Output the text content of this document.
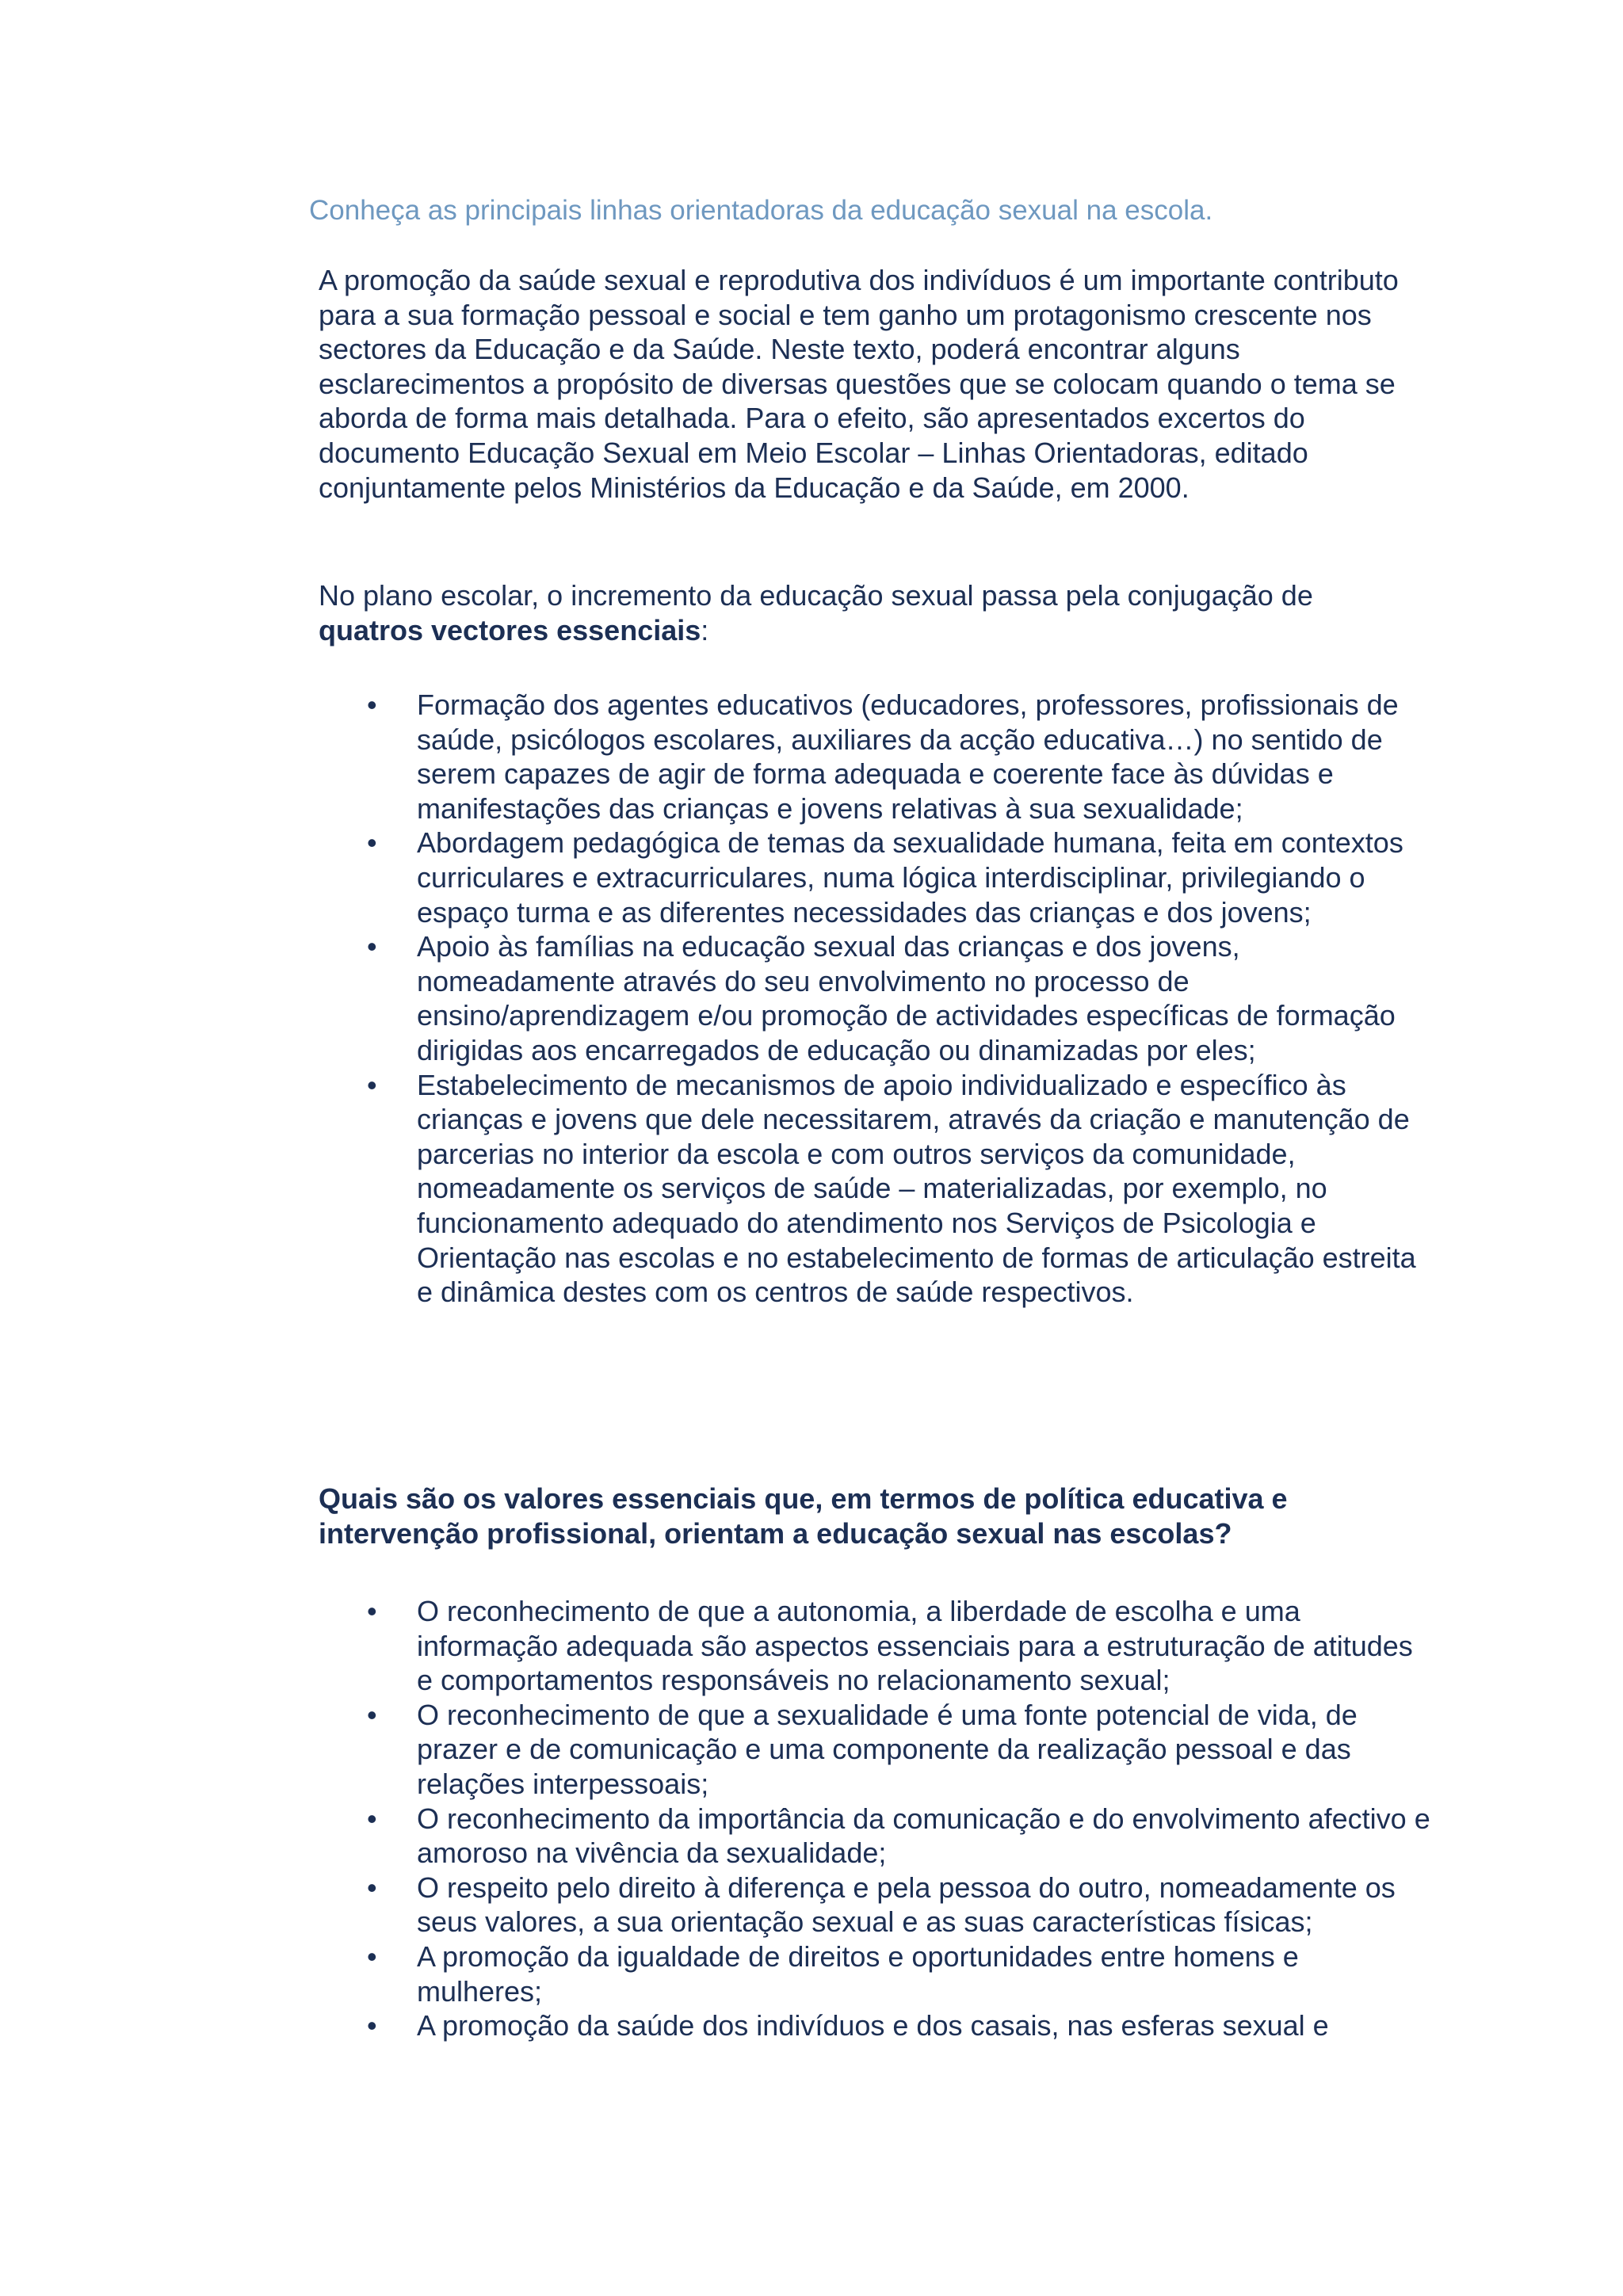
Conheça as principais linhas orientadoras da educação sexual na escola.

A promoção da saúde sexual e reprodutiva dos indivíduos é um importante contributo para a sua formação pessoal e social e tem ganho um protagonismo crescente nos sectores da Educação e da Saúde. Neste texto, poderá encontrar alguns esclarecimentos a propósito de diversas questões que se colocam quando o tema se aborda de forma mais detalhada. Para o efeito, são apresentados excertos do documento Educação Sexual em Meio Escolar – Linhas Orientadoras, editado conjuntamente pelos Ministérios da Educação e da Saúde, em 2000.

No plano escolar, o incremento da educação sexual passa pela conjugação de quatros vectores essenciais:

• Formação dos agentes educativos (educadores, professores, profissionais de saúde, psicólogos escolares, auxiliares da acção educativa…) no sentido de serem capazes de agir de forma adequada e coerente face às dúvidas e manifestações das crianças e jovens relativas à sua sexualidade;
• Abordagem pedagógica de temas da sexualidade humana, feita em contextos curriculares e extracurriculares, numa lógica interdisciplinar, privilegiando o espaço turma e as diferentes necessidades das crianças e dos jovens;
• Apoio às famílias na educação sexual das crianças e dos jovens, nomeadamente através do seu envolvimento no processo de ensino/aprendizagem e/ou promoção de actividades específicas de formação dirigidas aos encarregados de educação ou dinamizadas por eles;
• Estabelecimento de mecanismos de apoio individualizado e específico às crianças e jovens que dele necessitarem, através da criação e manutenção de parcerias no interior da escola e com outros serviços da comunidade, nomeadamente os serviços de saúde – materializadas, por exemplo, no funcionamento adequado do atendimento nos Serviços de Psicologia e Orientação nas escolas e no estabelecimento de formas de articulação estreita e dinâmica destes com os centros de saúde respectivos.

Quais são os valores essenciais que, em termos de política educativa e intervenção profissional, orientam a educação sexual nas escolas?

• O reconhecimento de que a autonomia, a liberdade de escolha e uma informação adequada são aspectos essenciais para a estruturação de atitudes e comportamentos responsáveis no relacionamento sexual;
• O reconhecimento de que a sexualidade é uma fonte potencial de vida, de prazer e de comunicação e uma componente da realização pessoal e das relações interpessoais;
• O reconhecimento da importância da comunicação e do envolvimento afectivo e amoroso na vivência da sexualidade;
• O respeito pelo direito à diferença e pela pessoa do outro, nomeadamente os seus valores, a sua orientação sexual e as suas características físicas;
• A promoção da igualdade de direitos e oportunidades entre homens e mulheres;
• A promoção da saúde dos indivíduos e dos casais, nas esferas sexual e
